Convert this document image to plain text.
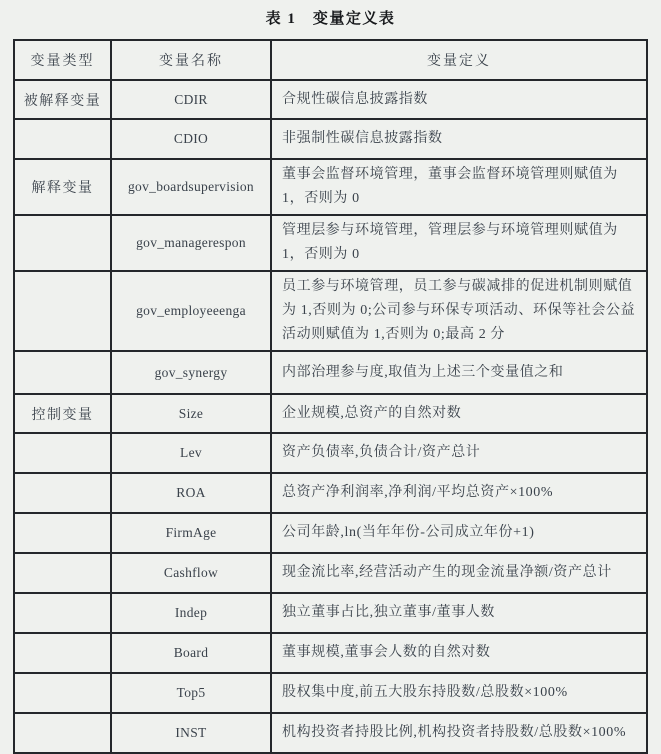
表 1　变量定义表
变量类型	变量名称	变量定义
被解释变量	CDIR	合规性碳信息披露指数
	CDIO	非强制性碳信息披露指数
解释变量	gov_boardsupervision	董事会监督环境管理，董事会监督环境管理则赋值为 1，否则为 0
	gov_managerespon	管理层参与环境管理，管理层参与环境管理则赋值为 1，否则为 0
	gov_employeeenga	员工参与环境管理，员工参与碳减排的促进机制则赋值为 1,否则为 0;公司参与环保专项活动、环保等社会公益活动则赋值为 1,否则为 0;最高 2 分
	gov_synergy	内部治理参与度,取值为上述三个变量值之和
控制变量	Size	企业规模,总资产的自然对数
	Lev	资产负债率,负债合计/资产总计
	ROA	总资产净利润率,净利润/平均总资产×100%
	FirmAge	公司年龄,ln(当年年份-公司成立年份+1)
	Cashflow	现金流比率,经营活动产生的现金流量净额/资产总计
	Indep	独立董事占比,独立董事/董事人数
	Board	董事规模,董事会人数的自然对数
	Top5	股权集中度,前五大股东持股数/总股数×100%
	INST	机构投资者持股比例,机构投资者持股数/总股数×100%
